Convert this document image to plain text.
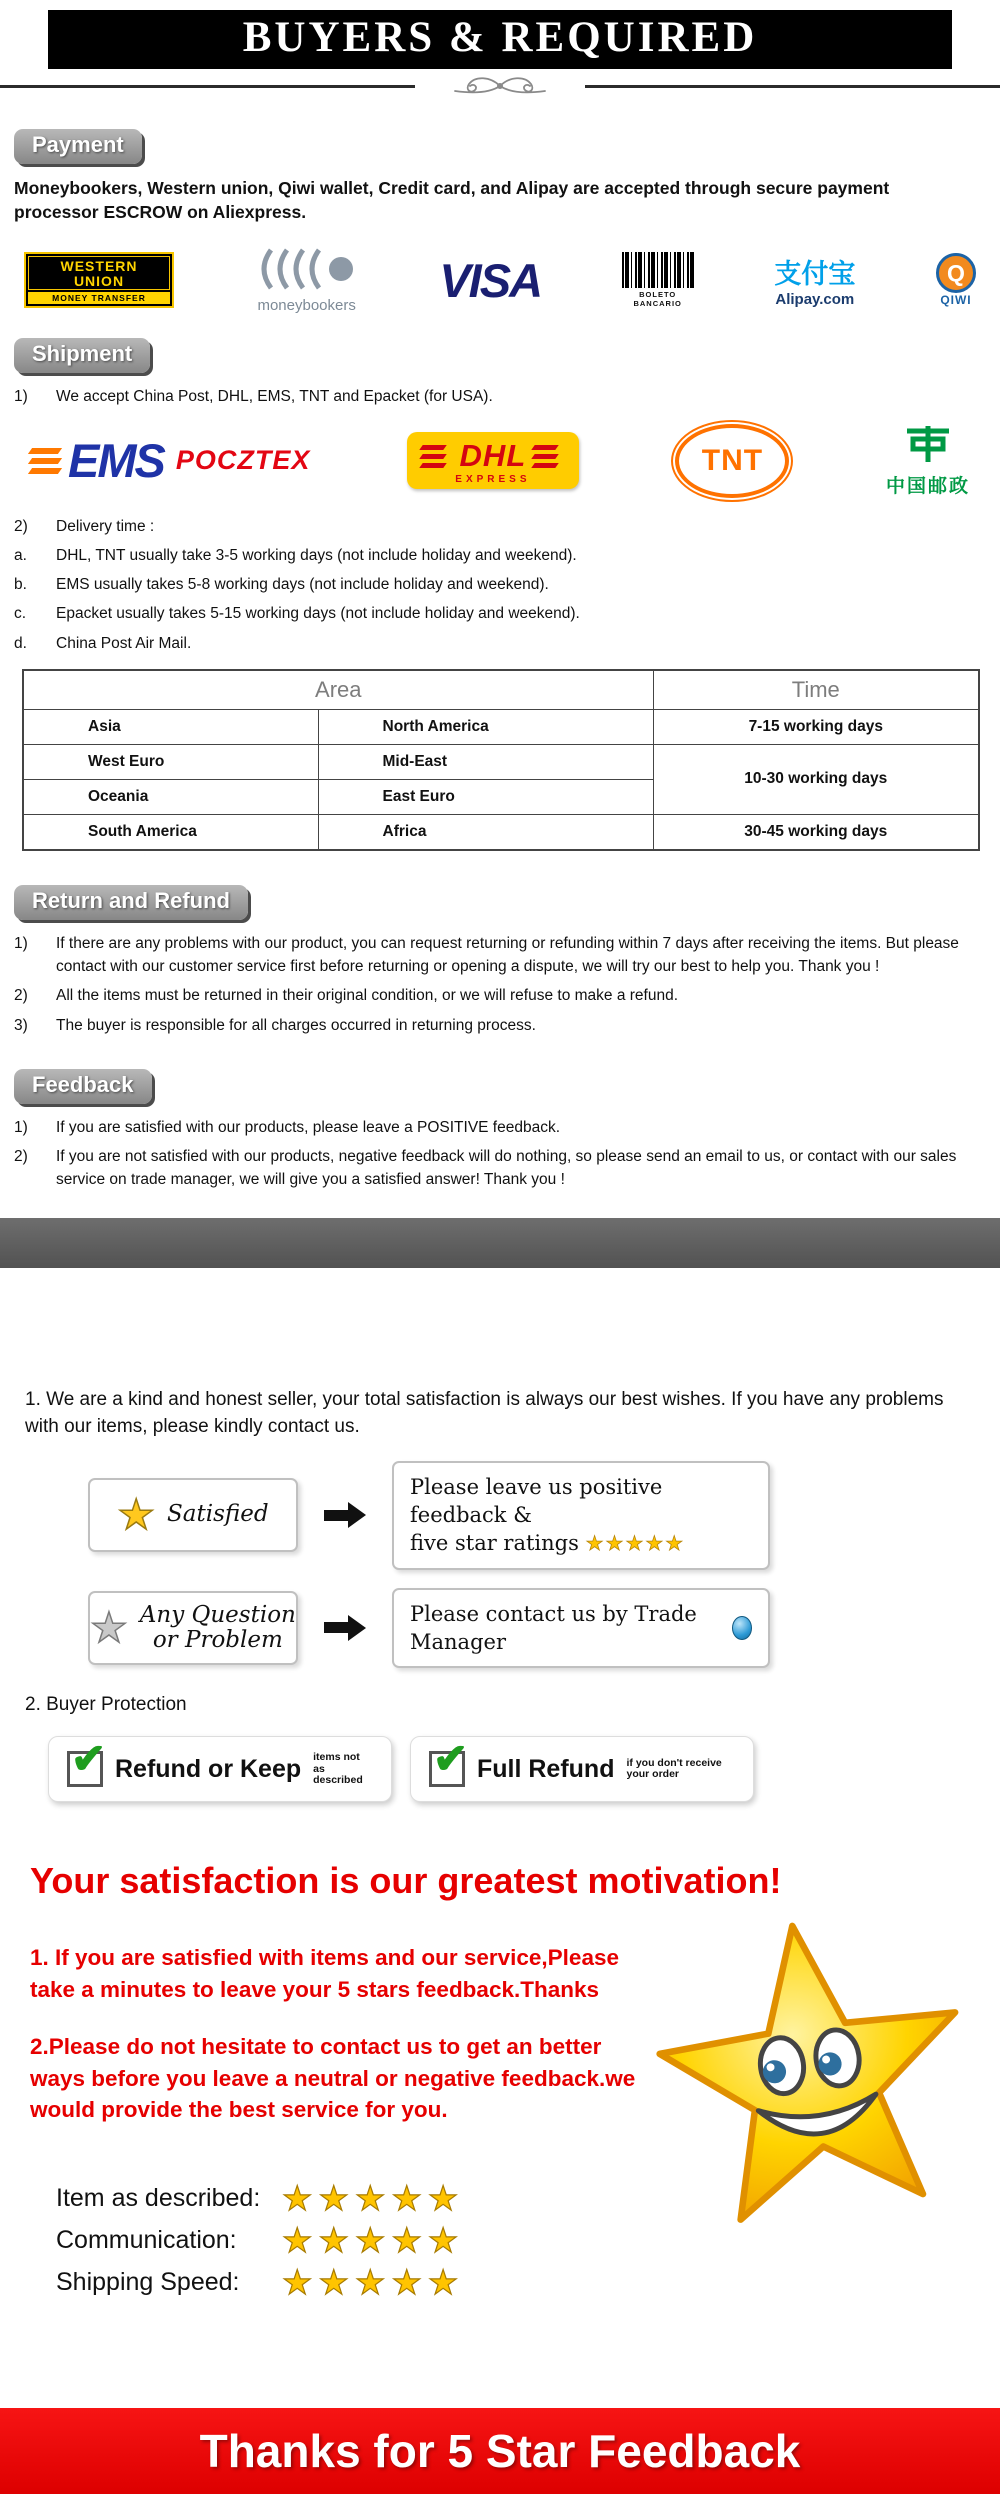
BUYERS & REQUIRED
Payment

Moneybookers, Western union, Qiwi wallet, Credit card, and Alipay are accepted through secure payment processor ESCROW on Aliexpress.

WESTERN
UNION
MONEY TRANSFER	moneybookers VISA	BOLETO
BANCARIO
支付宝
Alipay.com
Q
QIWI
Shipment
1)	We accept China Post, DHL, EMS, TNT and Epacket (for USA).
EMS POCZTEX	DHL
EXPRESS
TNT
中国邮政
2)	Delivery time :
a.	DHL, TNT usually take 3-5 working days (not include holiday and weekend).
b.	EMS usually takes 5-8 working days (not include holiday and weekend).
c.	Epacket usually takes 5-15 working days (not include holiday and weekend).
d.	China Post Air Mail.
Area		Time
Asia	North America	7-15 working days
West Euro	Mid-East	10-30 working days
Oceania	East Euro	
South America	Africa	30-45 working days
Return and Refund
1)	If there are any problems with our product, you can request returning or refunding within 7 days after receiving the items. But please contact with our customer service first before returning or opening a dispute, we will try our best to help you. Thank you !
2)	All the items must be returned in their original condition, or we will refuse to make a refund.
3)	The buyer is responsible for all charges occurred in returning process.
Feedback
1)	If you are satisfied with our products, please leave a POSITIVE feedback.
2)	If you are not satisfied with our products, negative feedback will do nothing, so please send an email to us, or contact with our sales service on trade manager, we will give you a satisfied answer! Thank you !

1. We are a kind and honest seller, your total satisfaction is always our best wishes. If you have any problems with our items, please kindly contact us.

★ Satisfied
Please leave us positive feedback &
five star ratings ★★★★★
★ Any Question
or Problem
Please contact us by Trade Manager

2. Buyer Protection

✔ Refund or Keep items not as described ✔ Full Refund if you don't receive your order
Your satisfaction is our greatest motivation!

1. If you are satisfied with items and our service,Please take a minutes to leave your 5 stars feedback.Thanks

2.Please do not hesitate to contact us to get an better ways before you leave a neutral or negative feedback.we would provide the best service for you.

Item as described: ★★★★★
Communication:	★★★★★
Shipping Speed:	★★★★★
Thanks for 5 Star Feedback
